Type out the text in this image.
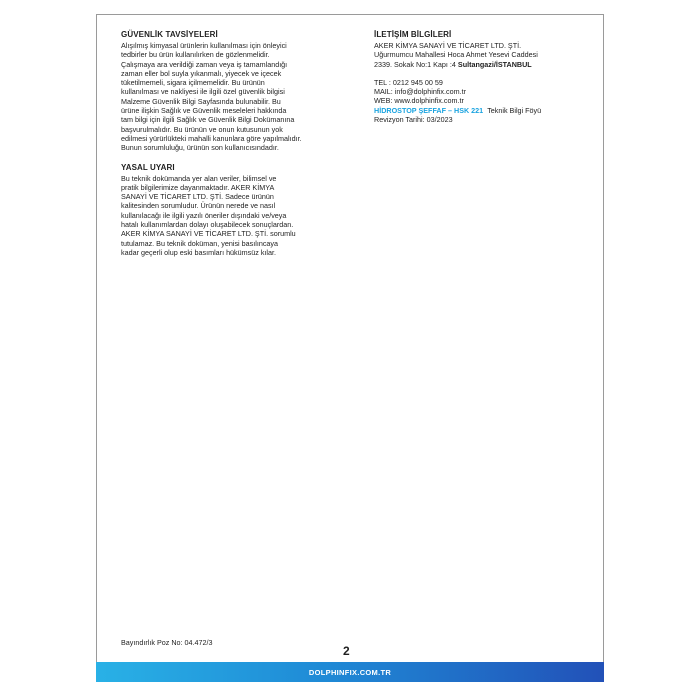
GÜVENLİK TAVSİYELERİ
Alışılmış kimyasal ürünlerin kullanılması için önleyici
tedbirler bu ürün kullanılırken de gözlenmelidir.
Çalışmaya ara verildiği zaman veya iş tamamlandığı
zaman eller bol suyla yıkanmalı, yiyecek ve içecek
tüketilmemeli, sigara içilmemelidir. Bu ürünün
kullanılması ve nakliyesi ile ilgili özel güvenlik bilgisi
Malzeme Güvenlik Bilgi Sayfasında bulunabilir. Bu
ürüne ilişkin Sağlık ve Güvenlik meseleleri hakkında
tam bilgi için ilgili Sağlık ve Güvenlik Bilgi Dokümanına
başvurulmalıdır. Bu ürünün ve onun kutusunun yok
edilmesi yürürlükteki mahalli kanunlara göre yapılmalıdır.
Bunun sorumluluğu, ürünün son kullanıcısındadır.
YASAL UYARI
Bu teknik dokümanda yer alan veriler, bilimsel ve
pratik bilgilerimize dayanmaktadır. AKER KİMYA
SANAYİ VE TİCARET LTD. ŞTİ. Sadece ürünün
kalitesinden sorumludur. Ürünün nerede ve nasıl
kullanılacağı ile ilgili yazılı öneriler dışındaki ve/veya
hatalı kullanımlardan dolayı oluşabilecek sonuçlardan.
AKER KİMYA SANAYİ VE TİCARET LTD. ŞTİ. sorumlu
tutulamaz. Bu teknik doküman, yenisi basılıncaya
kadar geçerli olup eski basımları hükümsüz kılar.
İLETİŞİM BİLGİLERİ
AKER KİMYA SANAYİ VE TİCARET LTD. ŞTİ.
Uğurmumcu Mahallesi Hoca Ahmet Yesevi Caddesi
2339. Sokak No:1 Kapı :4 Sultangazi/İSTANBUL
TEL : 0212 945 00 59
MAIL: info@dolphinfix.com.tr
WEB: www.dolphinfix.com.tr
HİDROSTOP ŞEFFAF – HSK 221 Teknik Bilgi Föyü
Revizyon Tarihi: 03/2023
Bayındırlık Poz No: 04.472/3
2
DOLPHINFIX.COM.TR
